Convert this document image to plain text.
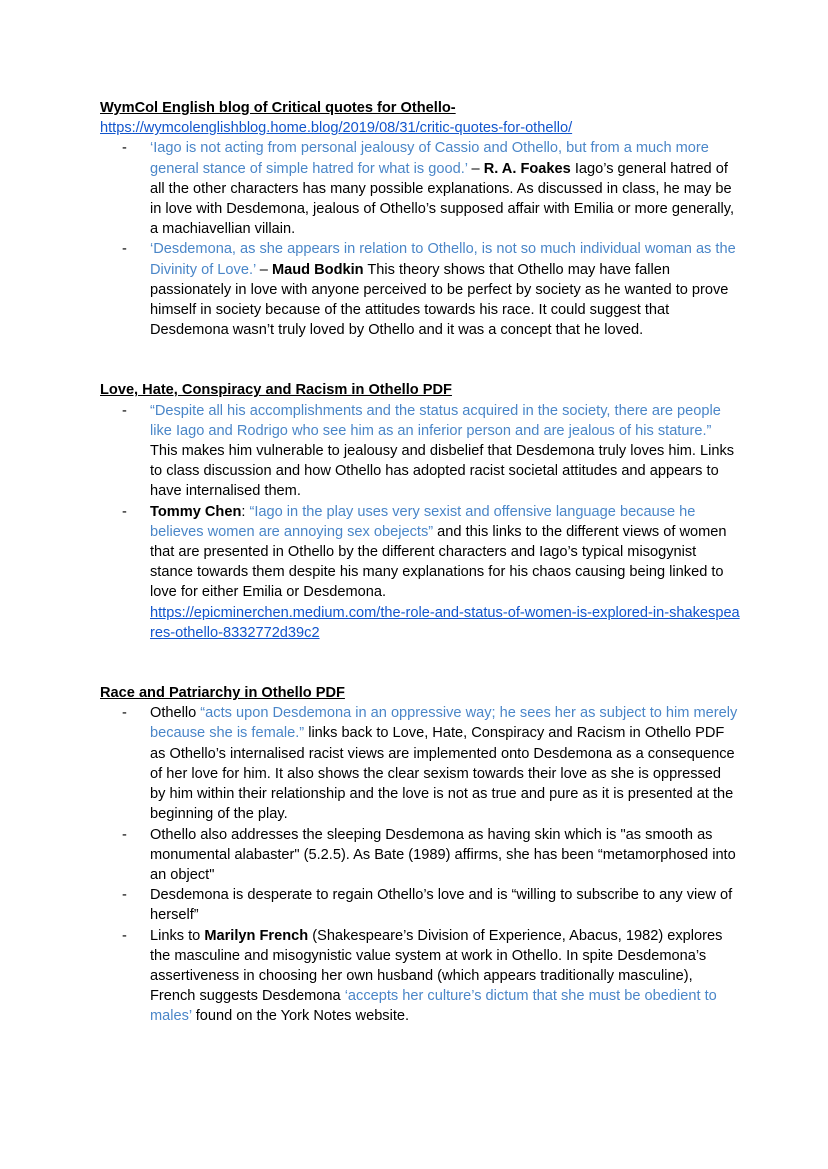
WymCol English blog of Critical quotes for Othello-

https://wymcolenglishblog.home.blog/2019/08/31/critic-quotes-for-othello/
- ‘Iago is not acting from personal jealousy of Cassio and Othello, but from a much more general stance of simple hatred for what is good.’ – R. A. Foakes Iago’s general hatred of all the other characters has many possible explanations. As discussed in class, he may be in love with Desdemona, jealous of Othello’s supposed affair with Emilia or more generally, a machiavellian villain.
- ‘Desdemona, as she appears in relation to Othello, is not so much individual woman as the Divinity of Love.’ – Maud Bodkin This theory shows that Othello may have fallen passionately in love with anyone perceived to be perfect by society as he wanted to prove himself in society because of the attitudes towards his race. It could suggest that Desdemona wasn’t truly loved by Othello and it was a concept that he loved.

Love, Hate, Conspiracy and Racism in Othello PDF

- “Despite all his accomplishments and the status acquired in the society, there are people like Iago and Rodrigo who see him as an inferior person and are jealous of his stature.” This makes him vulnerable to jealousy and disbelief that Desdemona truly loves him. Links to class discussion and how Othello has adopted racist societal attitudes and appears to have internalised them.
- Tommy Chen: “Iago in the play uses very sexist and offensive language because he believes women are annoying sex obejects” and this links to the different views of women that are presented in Othello by the different characters and Iago’s typical misogynist stance towards them despite his many explanations for his chaos causing being linked to love for either Emilia or Desdemona.
https://epicminerchen.medium.com/the-role-and-status-of-women-is-explored-in-shakespeares-othello-8332772d39c2

Race and Patriarchy in Othello PDF

- Othello “acts upon Desdemona in an oppressive way; he sees her as subject to him merely because she is female.” links back to Love, Hate, Conspiracy and Racism in Othello PDF as Othello’s internalised racist views are implemented onto Desdemona as a consequence of her love for him. It also shows the clear sexism towards their love as she is oppressed by him within their relationship and the love is not as true and pure as it is presented at the beginning of the play.
- Othello also addresses the sleeping Desdemona as having skin which is "as smooth as monumental alabaster" (5.2.5). As Bate (1989) affirms, she has been “metamorphosed into an object"
- Desdemona is desperate to regain Othello’s love and is “willing to subscribe to any view of herself”
- Links to Marilyn French (Shakespeare’s Division of Experience, Abacus, 1982) explores the masculine and misogynistic value system at work in Othello. In spite Desdemona’s assertiveness in choosing her own husband (which appears traditionally masculine), French suggests Desdemona ‘accepts her culture’s dictum that she must be obedient to males’ found on the York Notes website.
